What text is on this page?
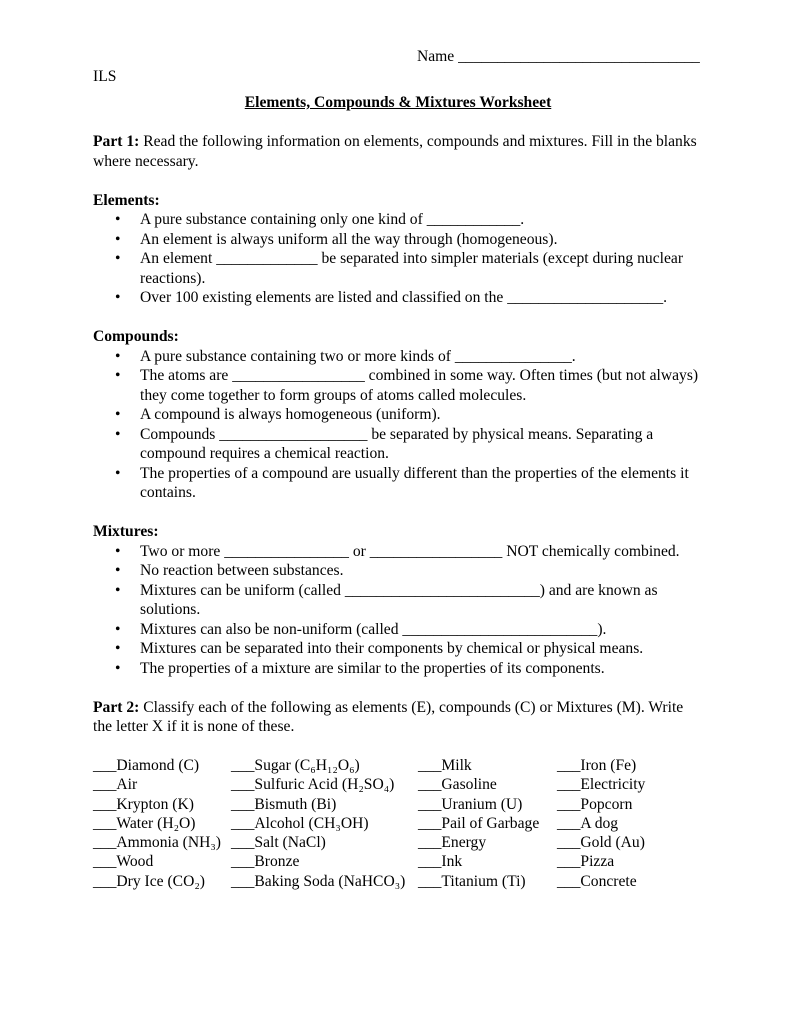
Name _______________________________
ILS
Elements, Compounds & Mixtures Worksheet
Part 1: Read the following information on elements, compounds and mixtures. Fill in the blanks where necessary.
Elements:
• A pure substance containing only one kind of ____________.
• An element is always uniform all the way through (homogeneous).
• An element _____________ be separated into simpler materials (except during nuclear reactions).
• Over 100 existing elements are listed and classified on the ____________________.
Compounds:
• A pure substance containing two or more kinds of _______________.
• The atoms are _________________ combined in some way. Often times (but not always) they come together to form groups of atoms called molecules.
• A compound is always homogeneous (uniform).
• Compounds ___________________ be separated by physical means. Separating a compound requires a chemical reaction.
• The properties of a compound are usually different than the properties of the elements it contains.
Mixtures:
• Two or more ________________ or _________________ NOT chemically combined.
• No reaction between substances.
• Mixtures can be uniform (called _________________________) and are known as solutions.
• Mixtures can also be non-uniform (called _________________________).
• Mixtures can be separated into their components by chemical or physical means.
• The properties of a mixture are similar to the properties of its components.
Part 2: Classify each of the following as elements (E), compounds (C) or Mixtures (M). Write the letter X if it is none of these.
___Diamond (C)	___Sugar (C₆H₁₂O₆)	___Milk	___Iron (Fe)
___Air	___Sulfuric Acid (H₂SO₄)	___Gasoline	___Electricity
___Krypton (K)	___Bismuth (Bi)	___Uranium (U)	___Popcorn
___Water (H₂O)	___Alcohol (CH₃OH)	___Pail of Garbage	___A dog
___Ammonia (NH₃) ___Salt (NaCl)	___Energy	___Gold (Au)
___Wood	___Bronze	___Ink	___Pizza
___Dry Ice (CO₂)	___Baking Soda (NaHCO₃) ___Titanium (Ti)	___Concrete
